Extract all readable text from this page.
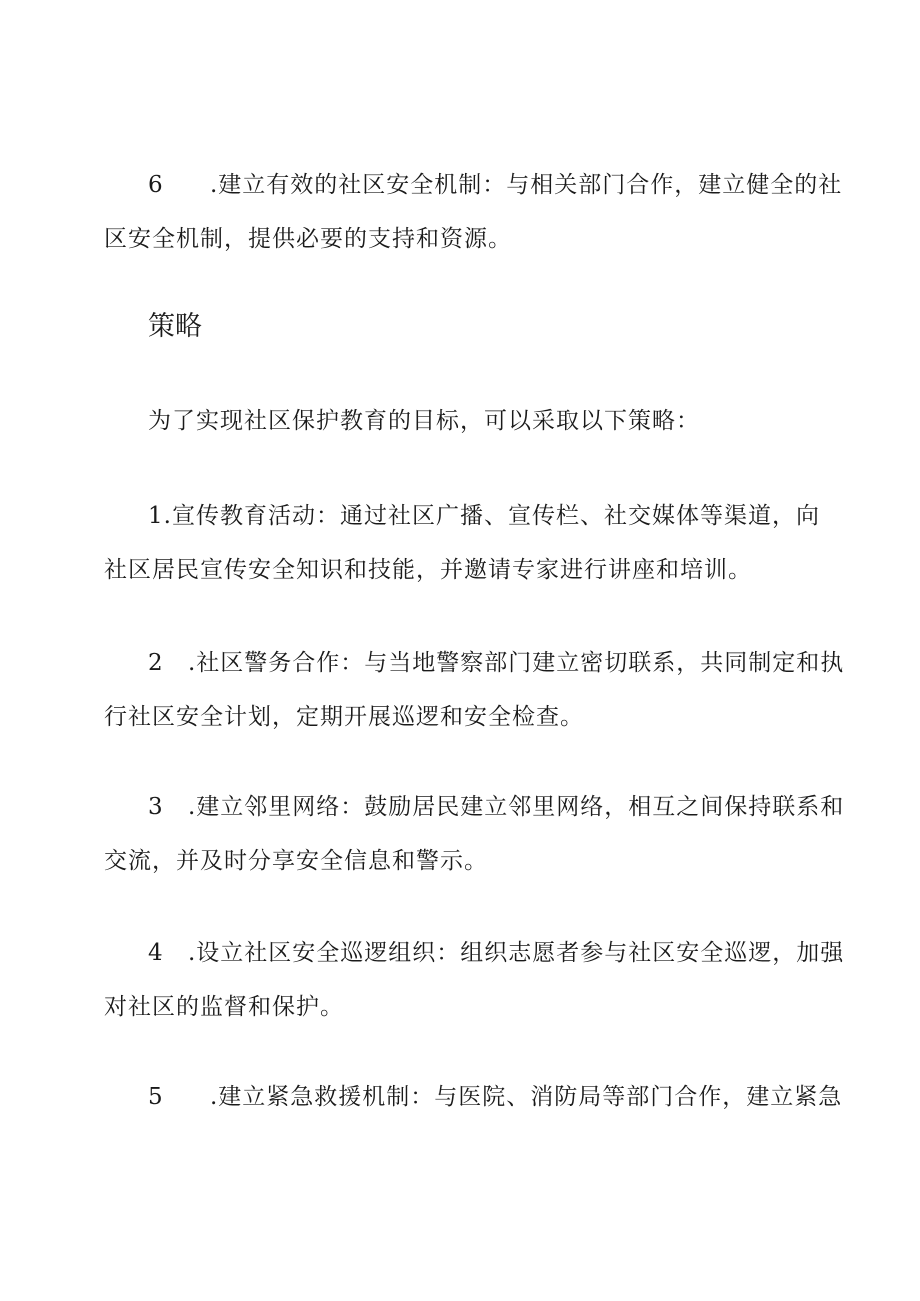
6 .建立有效的社区安全机制：与相关部门合作，建立健全的社
区安全机制，提供必要的支持和资源。

策略

为了实现社区保护教育的目标，可以采取以下策略：

1.宣传教育活动：通过社区广播、宣传栏、社交媒体等渠道，向
社区居民宣传安全知识和技能，并邀请专家进行讲座和培训。

2 .社区警务合作：与当地警察部门建立密切联系，共同制定和执
行社区安全计划，定期开展巡逻和安全检查。

3 .建立邻里网络：鼓励居民建立邻里网络，相互之间保持联系和
交流，并及时分享安全信息和警示。

4 .设立社区安全巡逻组织：组织志愿者参与社区安全巡逻，加强
对社区的监督和保护。

5 .建立紧急救援机制：与医院、消防局等部门合作，建立紧急
